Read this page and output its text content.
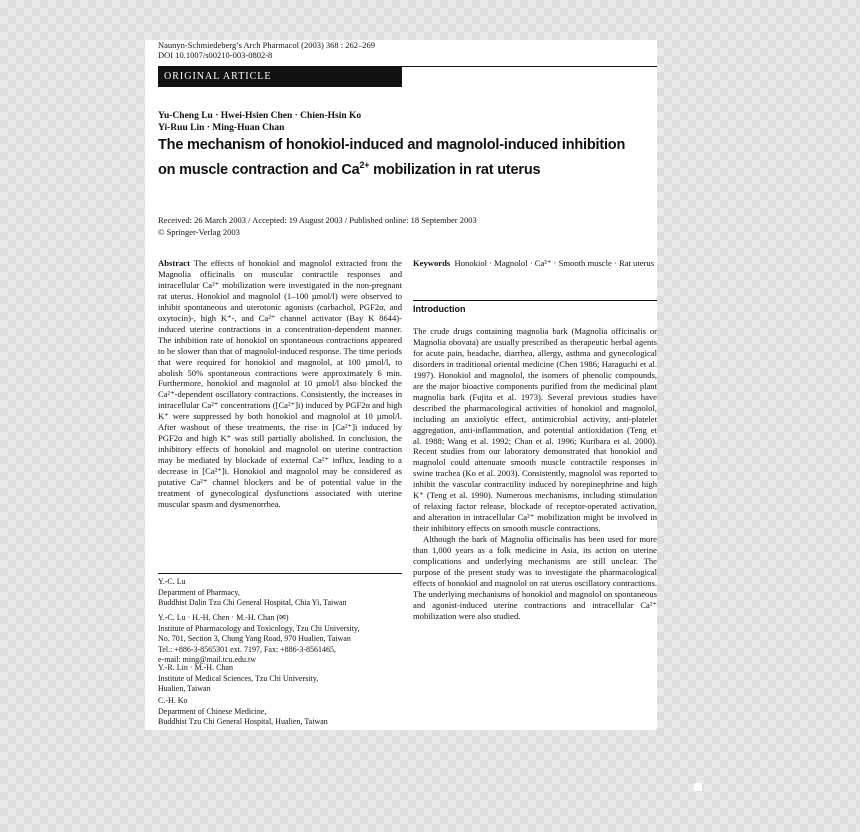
Naunyn-Schmiedeberg’s Arch Pharmacol (2003) 368 : 262–269
DOI 10.1007/s00210-003-0802-8
ORIGINAL ARTICLE
Yu-Cheng Lu · Hwei-Hsien Chen · Chien-Hsin Ko
Yi-Ruu Lin · Ming-Huan Chan
The mechanism of honokiol-induced and magnolol-induced inhibition
on muscle contraction and $Ca^{2+}$ mobilization in rat uterus
Received: 26 March 2003 / Accepted: 19 August 2003 / Published online: 18 September 2003
© Springer-Verlag 2003
Abstract The effects of honokiol and magnolol extracted from the Magnolia officinalis on muscular contractile responses and intracellular Ca²⁺ mobilization were investigated in the non-pregnant rat uterus. Honokiol and magnolol (1–100 µmol/l) were observed to inhibit spontaneous and uterotonic agonists (carbachol, PGF2α, and oxytocin)-, high K⁺-, and Ca²⁺ channel activator (Bay K 8644)-induced uterine contractions in a concentration-dependent manner. The inhibition rate of honokiol on spontaneous contractions appeared to be slower than that of magnolol-induced response. The time periods that were required for honokiol and magnolol, at 100 µmol/l, to abolish 50% spontaneous contractions were approximately 6 min. Furthermore, honokiol and magnolol at 10 µmol/l also blocked the Ca²⁺-dependent oscillatory contractions. Consistently, the increases in intracellular Ca²⁺ concentrations ([Ca²⁺]i) induced by PGF2α and high K⁺ were suppressed by both honokiol and magnolol at 10 µmol/l. After washout of these treatments, the rise in [Ca²⁺]i induced by PGF2α and high K⁺ was still partially abolished. In conclusion, the inhibitory effects of honokiol and magnolol on uterine contraction may be mediated by blockade of external Ca²⁺ influx, leading to a decrease in [Ca²⁺]i. Honokiol and magnolol may be considered as putative Ca²⁺ channel blockers and be of potential value in the treatment of gynecological dysfunctions associated with uterine muscular spasm and dysmenorrhea.
Y.-C. Lu
Department of Pharmacy,
Buddhist Dalin Tzu Chi General Hospital, Chia Yi, Taiwan
Y.-C. Lu · H.-H. Chen · M.-H. Chan (✉)
Institute of Pharmacology and Toxicology, Tzu Chi University,
No. 701, Section 3, Chung Yang Road, 970 Hualien, Taiwan
Tel.: +886-3-8565301 ext. 7197, Fax: +886-3-8561465,
e-mail: ming@mail.tcu.edu.tw
Y.-R. Lin · M.-H. Chan
Institute of Medical Sciences, Tzu Chi University,
Hualien, Taiwan
C.-H. Ko
Department of Chinese Medicine,
Buddhist Tzu Chi General Hospital, Hualien, Taiwan
Keywords Honokiol · Magnolol · Ca²⁺ · Smooth muscle · Rat uterus
Introduction

The crude drugs containing magnolia bark (Magnolia officinalis or Magnolia obovata) are usually prescribed as therapeutic herbal agents for acute pain, headache, diarrhea, allergy, asthma and gynecological disorders in traditional oriental medicine (Chen 1986; Haraguchi et al. 1997). Honokiol and magnolol, the isomers of phenolic compounds, are the major bioactive components purified from the medicinal plant magnolia bark (Fujita et al. 1973). Several previous studies have described the pharmacological activities of honokiol and magnolol, including an anxiolytic effect, antimicrobial activity, anti-platelet aggregation, anti-inflammation, and potential antioxidation (Teng et al. 1988; Wang et al. 1992; Chan et al. 1996; Kuribara et al. 2000). Recent studies from our laboratory demonstrated that honokiol and magnolol could attenuate smooth muscle contractile responses in swine trachea (Ko et al. 2003). Consistently, magnolol was reported to inhibit the vascular contractility induced by norepinephrine and high K⁺ (Teng et al. 1990). Numerous mechanisms, including stimulation of relaxing factor release, blockade of receptor-operated activation, and alteration in intracellular Ca²⁺ mobilization might be involved in their inhibitory effects on smooth muscle contractions.

Although the bark of Magnolia officinalis has been used for more than 1,000 years as a folk medicine in Asia, its action on uterine complications and underlying mechanisms are still unclear. The purpose of the present study was to investigate the pharmacological effects of honokiol and magnolol on rat uterus oscillatory contractions. The underlying mechanisms of honokiol and magnolol on spontaneous and agonist-induced uterine contractions and intracellular Ca²⁺ mobilization were also studied.
